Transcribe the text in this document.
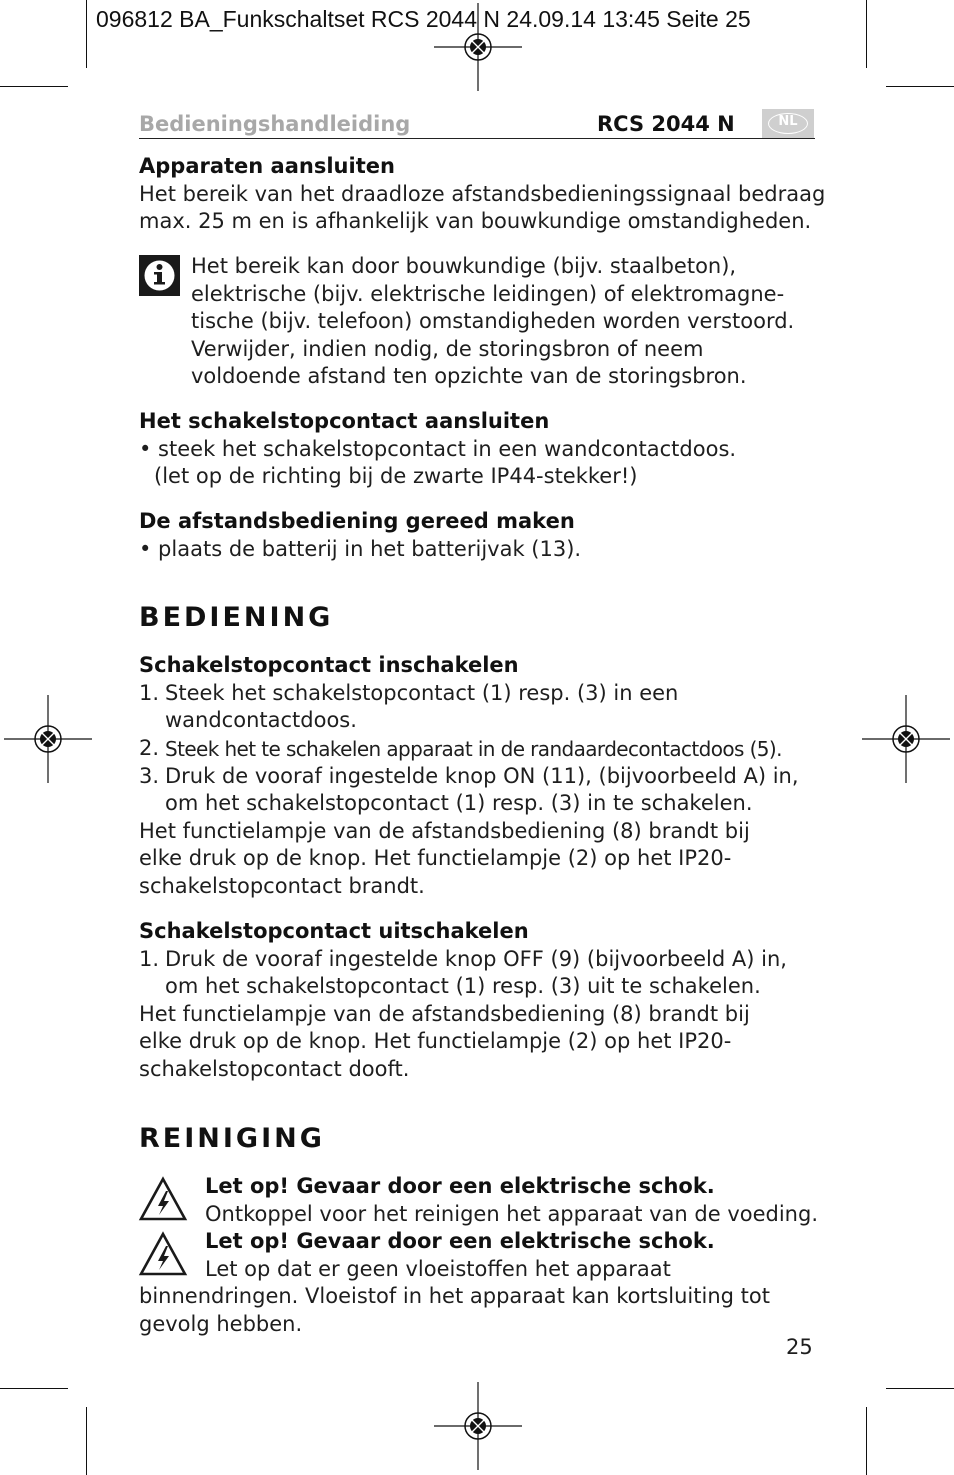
096812 BA_Funkschaltset RCS 2044 N 24.09.14 13:45 Seite 25
Bedieningshandleiding	RCS 2044 N	NL
Apparaten aansluiten
Het bereik van het draadloze afstandsbedieningssignaal bedraag
max. 25 m en is afhankelijk van bouwkundige omstandigheden.
Het bereik kan door bouwkundige (bijv. staalbeton),
elektrische (bijv. elektrische leidingen) of elektromagne-
tische (bijv. telefoon) omstandigheden worden verstoord.
Verwijder, indien nodig, de storingsbron of neem
voldoende afstand ten opzichte van de storingsbron.
Het schakelstopcontact aansluiten
• steek het schakelstopcontact in een wandcontactdoos.
(let op de richting bij de zwarte IP44-stekker!)
De afstandsbediening gereed maken
• plaats de batterij in het batterijvak (13).
BEDIENING
Schakelstopcontact inschakelen
1. Steek het schakelstopcontact (1) resp. (3) in een
wandcontactdoos.
2. Steek het te schakelen apparaat in de randaardecontactdoos (5).
3. Druk de vooraf ingestelde knop ON (11), (bijvoorbeeld A) in,
om het schakelstopcontact (1) resp. (3) in te schakelen.
Het functielampje van de afstandsbediening (8) brandt bij
elke druk op de knop. Het functielampje (2) op het IP20-
schakelstopcontact brandt.
Schakelstopcontact uitschakelen
1. Druk de vooraf ingestelde knop OFF (9) (bijvoorbeeld A) in,
om het schakelstopcontact (1) resp. (3) uit te schakelen.
Het functielampje van de afstandsbediening (8) brandt bij
elke druk op de knop. Het functielampje (2) op het IP20-
schakelstopcontact dooft.
REINIGING
Let op! Gevaar door een elektrische schok.
Ontkoppel voor het reinigen het apparaat van de voeding.
Let op! Gevaar door een elektrische schok.
Let op dat er geen vloeistoffen het apparaat
binnendringen. Vloeistof in het apparaat kan kortsluiting tot
gevolg hebben.
25
